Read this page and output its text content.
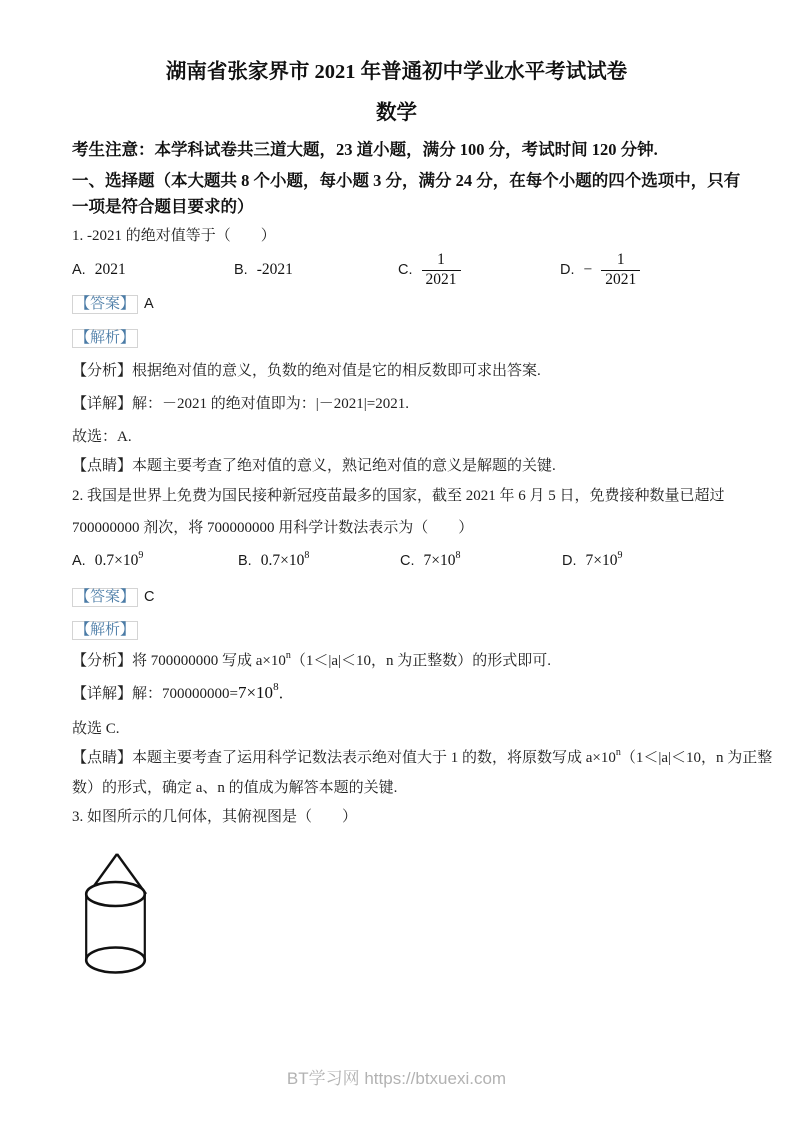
湖南省张家界市 2021 年普通初中学业水平考试试卷
数学
考生注意：本学科试卷共三道大题，23 道小题，满分 100 分，考试时间 120 分钟.
一、选择题（本大题共 8 个小题，每小题 3 分，满分 24 分，在每个小题的四个选项中，只有
一项是符合题目要求的）
1. -2021 的绝对值等于（　　）
A. 2021	B. -2021	C. $\frac{1}{2021}$	D. − $\frac{1}{2021}$
【答案】 A
【解析】
【分析】根据绝对值的意义，负数的绝对值是它的相反数即可求出答案.
【详解】解：－2021 的绝对值即为：|－2021|=2021.
故选：A.
【点睛】本题主要考查了绝对值的意义，熟记绝对值的意义是解题的关键.
2. 我国是世界上免费为国民接种新冠疫苗最多的国家，截至 2021 年 6 月 5 日，免费接种数量已超过
700000000 剂次，将 700000000 用科学计数法表示为（　　）
A. $0.7\times 10^9$	B. $0.7\times 10^8$	C. $7\times 10^8$	D. $7\times 10^9$
【答案】 C
【解析】
【分析】将 700000000 写成 $a\times 10^n(1<|a|<10$，n 为正整数）的形式即可.
【详解】解：$700000000=7\times 10^8$．
故选 C.
【点睛】本题主要考查了运用科学记数法表示绝对值大于 1 的数，将原数写成 $a\times 10^n(1<|a|<10$，n 为正整
数）的形式，确定 a、n 的值成为解答本题的关键.
3. 如图所示的几何体，其俯视图是（　　）
BT学习网 https://btxuexi.com
